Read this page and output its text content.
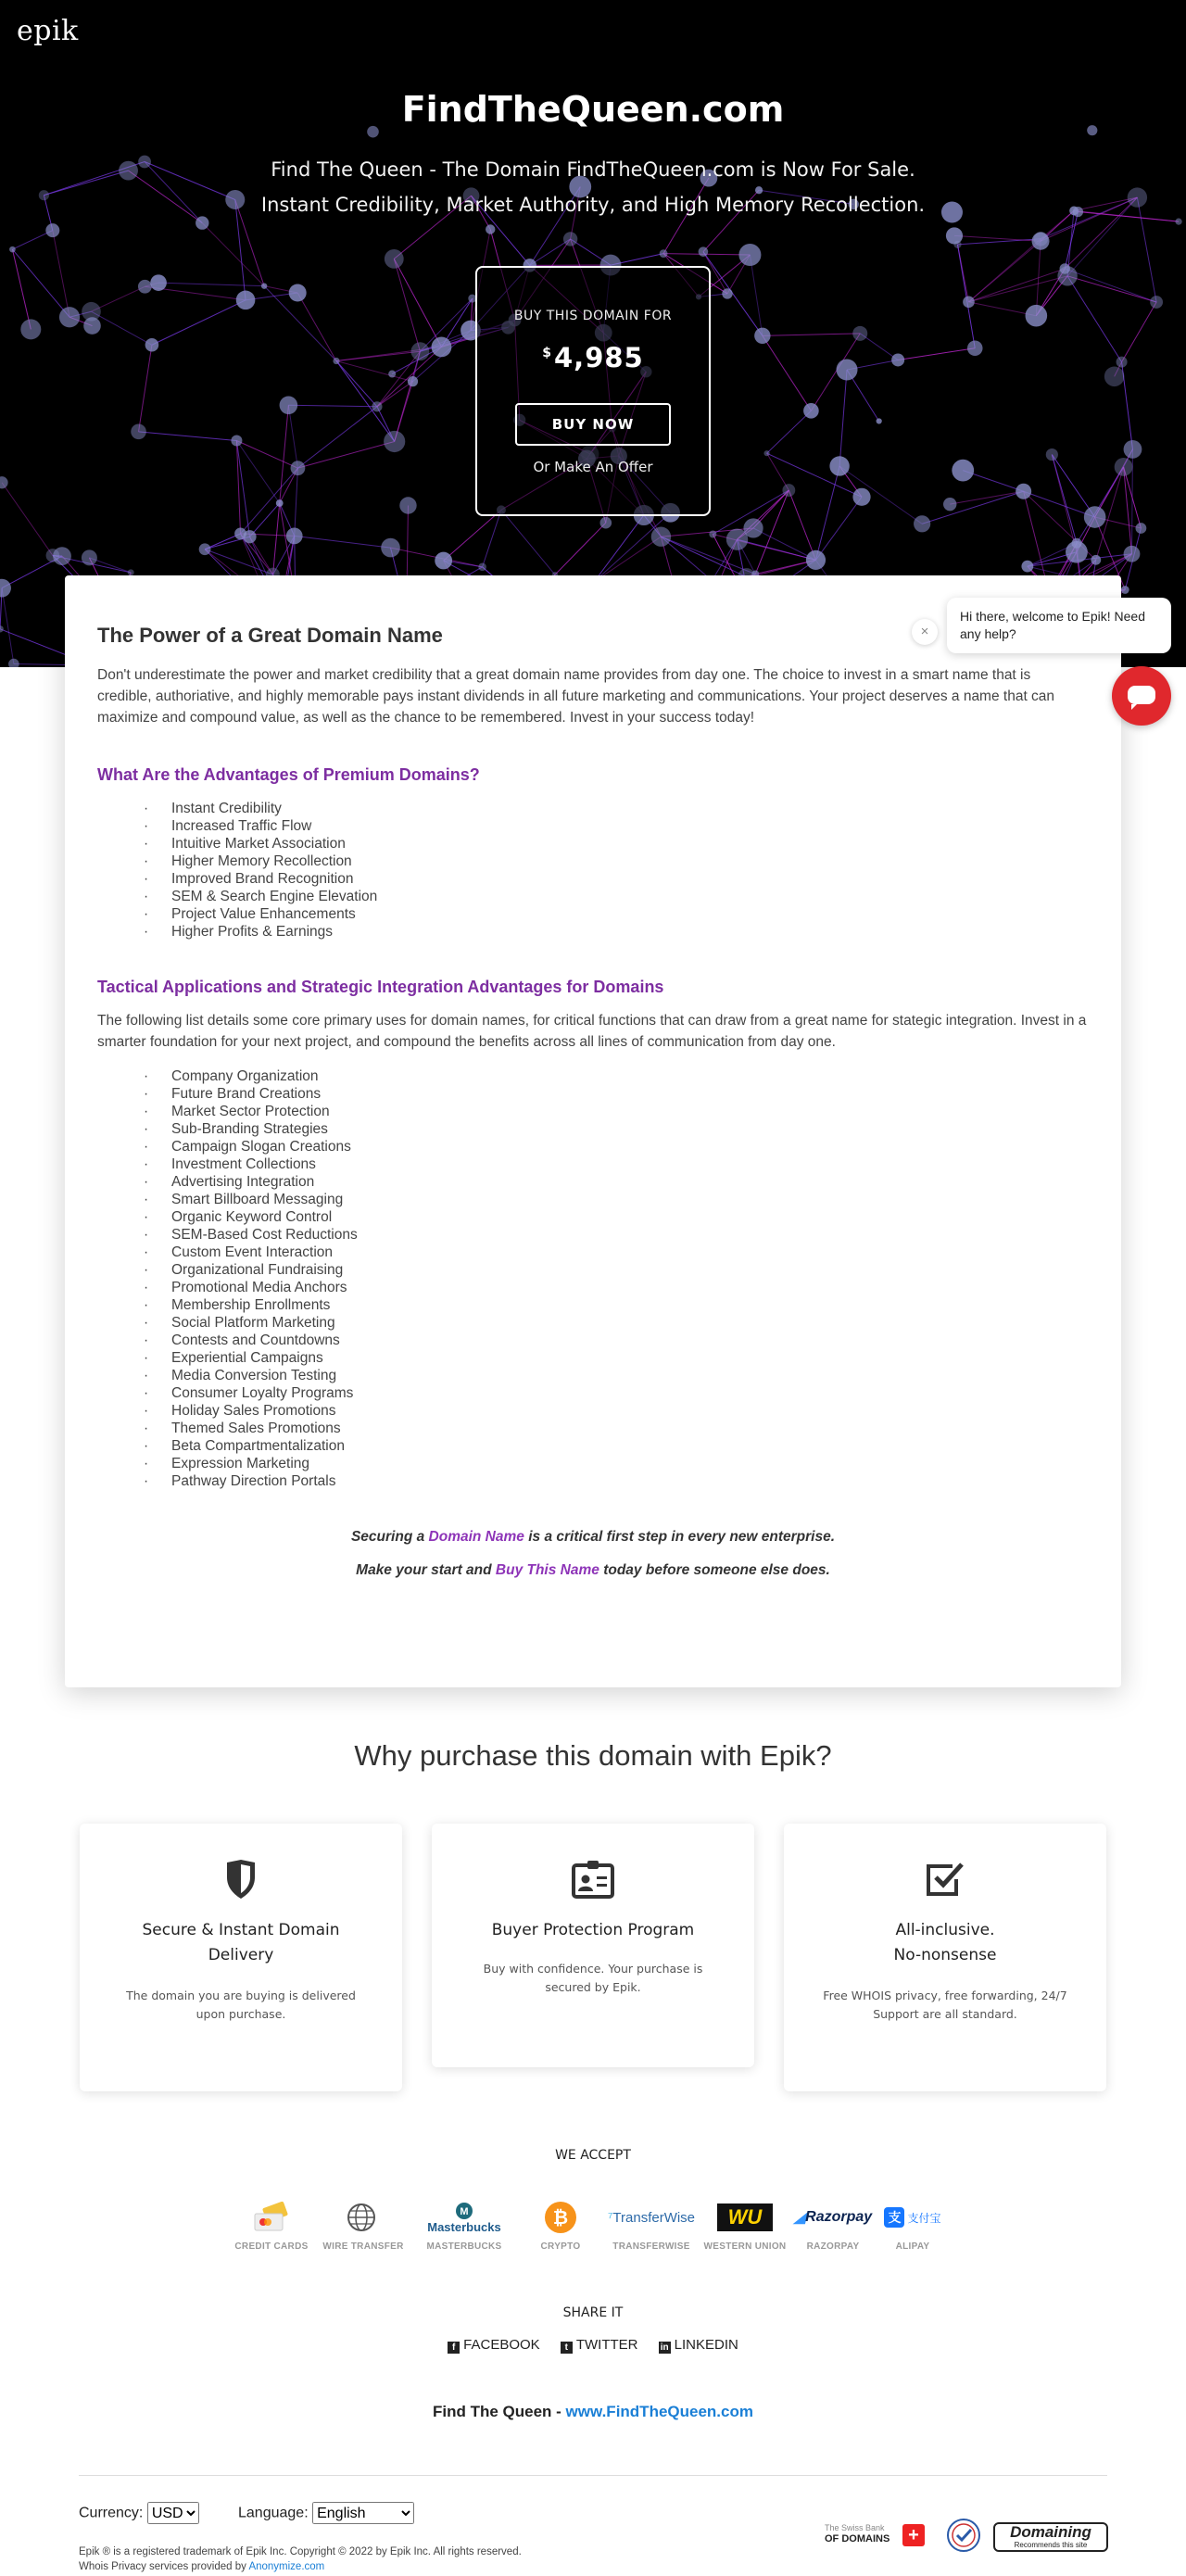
epik
FindTheQueen.com
Find The Queen - The Domain FindTheQueen.com is Now For Sale.
Instant Credibility, Market Authority, and High Memory Recollection.
BUY THIS DOMAIN FOR
$4,985
BUY NOW
Or Make An Offer
The Power of a Great Domain Name

Don't underestimate the power and market credibility that a great domain name provides from day one. The choice to invest in a smart name that is credible, authoriative, and highly memorable pays instant dividends in all future marketing and communications. Your project deserves a name that can maximize and compound value, as well as the chance to be remembered. Invest in your success today!

What Are the Advantages of Premium Domains?
· Instant Credibility
· Increased Traffic Flow
· Intuitive Market Association
· Higher Memory Recollection
· Improved Brand Recognition
· SEM & Search Engine Elevation
· Project Value Enhancements
· Higher Profits & Earnings
Tactical Applications and Strategic Integration Advantages for Domains

The following list details some core primary uses for domain names, for critical functions that can draw from a great name for stategic integration. Invest in a smarter foundation for your next project, and compound the benefits across all lines of communication from day one.

· Company Organization
· Future Brand Creations
· Market Sector Protection
· Sub-Branding Strategies
· Campaign Slogan Creations
· Investment Collections
· Advertising Integration
· Smart Billboard Messaging
· Organic Keyword Control
· SEM-Based Cost Reductions
· Custom Event Interaction
· Organizational Fundraising
· Promotional Media Anchors
· Membership Enrollments
· Social Platform Marketing
· Contests and Countdowns
· Experiential Campaigns
· Media Conversion Testing
· Consumer Loyalty Programs
· Holiday Sales Promotions
· Themed Sales Promotions
· Beta Compartmentalization
· Expression Marketing
· Pathway Direction Portals
Securing a Domain Name is a critical first step in every new enterprise.
Make your start and Buy This Name today before someone else does.
×
Hi there, welcome to Epik! Need any help?
Why purchase this domain with Epik?
Secure & Instant Domain Delivery
The domain you are buying is delivered upon purchase.
Buyer Protection Program
Buy with confidence. Your purchase is secured by Epik.
All-inclusive.
No-nonsense
Free WHOIS privacy, free forwarding, 24/7 Support are all standard.
WE ACCEPT
CREDIT CARDS	WIRE TRANSFER
M
Masterbucks
MASTERBUCKS
₿
CRYPTO
⁷ TransferWise
TRANSFERWISE
WU
WESTERN UNION
◢ Razorpay
RAZORPAY
支 支付宝
ALIPAY
SHARE IT
f FACEBOOK	t TWITTER in LINKEDIN
Find The Queen - www.FindTheQueen.com
Currency:
USD	Language:
English
Epik ® is a registered trademark of Epik Inc. Copyright © 2022 by Epik Inc. All rights reserved.
Whois Privacy services provided by Anonymize.com
The Swiss Bank
OF DOMAINS +	Domaining
Recommends this site
